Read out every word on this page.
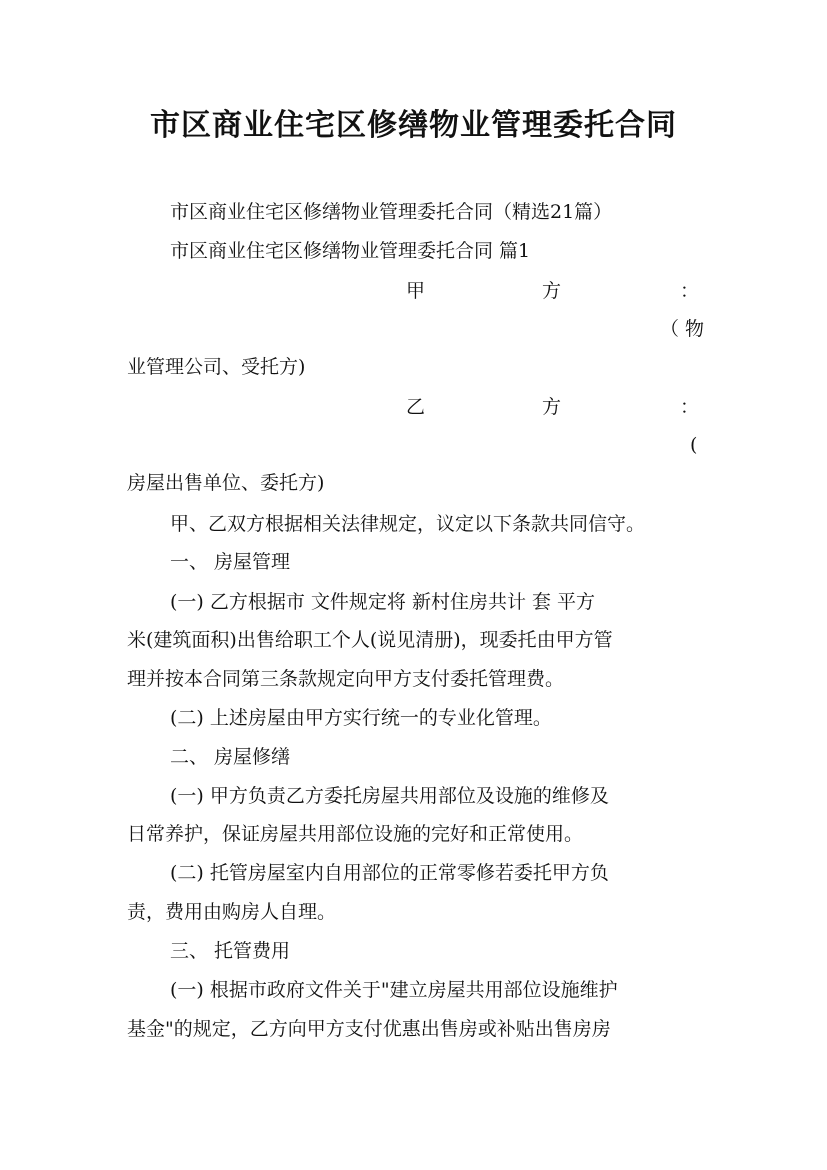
市区商业住宅区修缮物业管理委托合同
市区商业住宅区修缮物业管理委托合同（精选21篇）
市区商业住宅区修缮物业管理委托合同 篇1
甲	方	：
（ 物
业管理公司、受托方)
乙	方	：
(
房屋出售单位、委托方)
甲、乙双方根据相关法律规定，议定以下条款共同信守。
一、 房屋管理
(一) 乙方根据市 文件规定将 新村住房共计 套 平方
米(建筑面积)出售给职工个人(说见清册)，现委托由甲方管
理并按本合同第三条款规定向甲方支付委托管理费。
(二) 上述房屋由甲方实行统一的专业化管理。
二、 房屋修缮
(一) 甲方负责乙方委托房屋共用部位及设施的维修及
日常养护，保证房屋共用部位设施的完好和正常使用。
(二) 托管房屋室内自用部位的正常零修若委托甲方负
责，费用由购房人自理。
三、 托管费用
(一) 根据市政府文件关于"建立房屋共用部位设施维护
基金"的规定，乙方向甲方支付优惠出售房或补贴出售房房
